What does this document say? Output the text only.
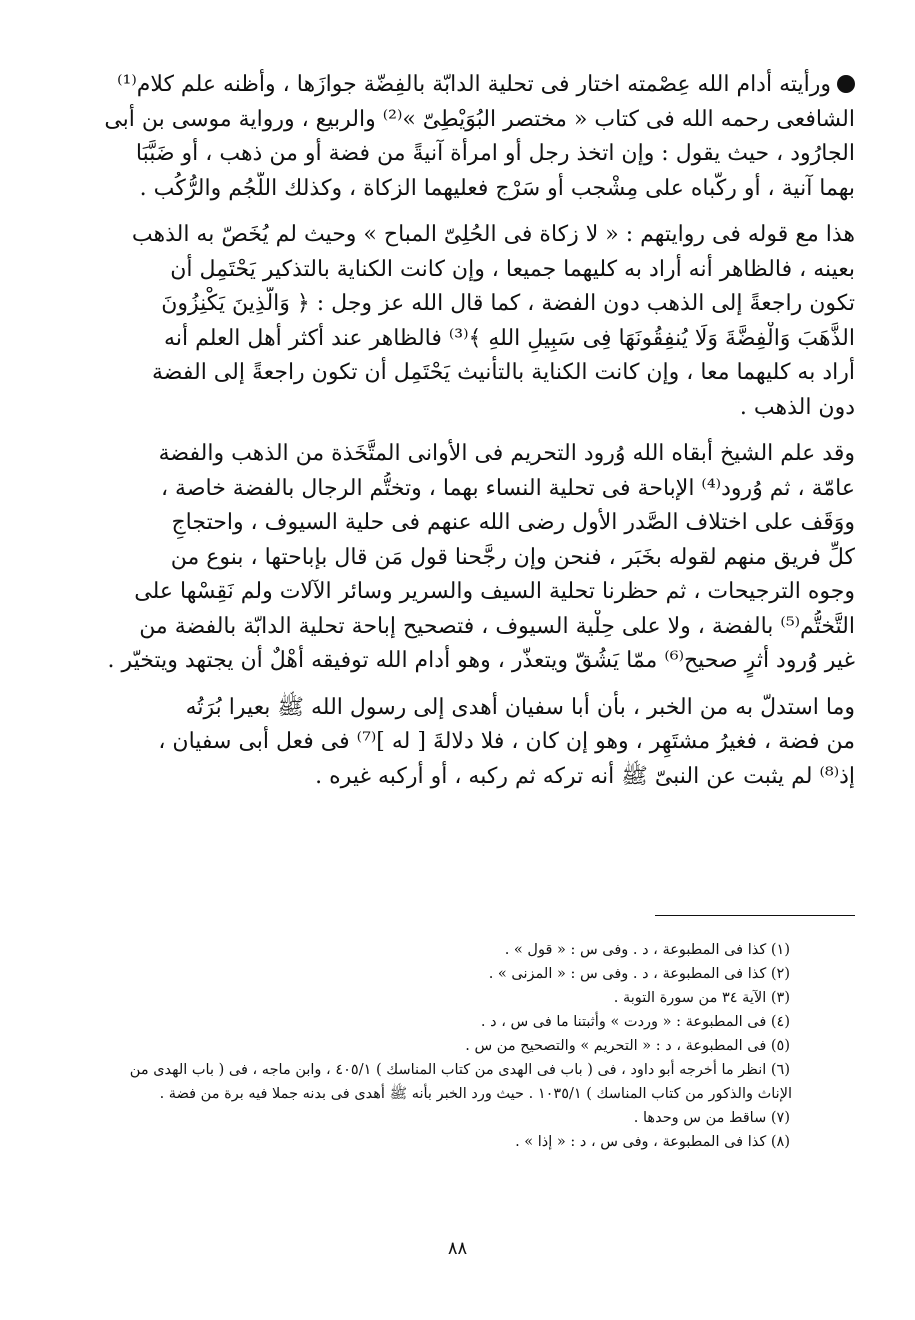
ورأيته أدام الله عِصْمته اختار فى تحلية الدابّة بالفِضّة جوازَها ، وأظنه علم كلام⁽¹⁾
الشافعى رحمه الله فى كتاب « مختصر البُوَيْطِىّ »⁽²⁾ والربيع ، ورواية موسى بن أبى
الجارُود ، حيث يقول : وإن اتخذ رجل أو امرأة آنيةً من فضة أو من ذهب ، أو ضَبَّبَا
بهما آنية ، أو ركَّباه على مِشْجب أو سَرْج فعليهما الزكاة ، وكذلك اللُّجُم والرُّكُب .

هذا مع قوله فى روايتهم : « لا زكاة فى الحُلِىّ المباح » وحيث لم يُخَصّ به الذهب
بعينه ، فالظاهر أنه أراد به كليهما جميعا ، وإن كانت الكناية بالتذكير يَحْتَمِل أن
تكون راجعةً إلى الذهب دون الفضة ، كما قال الله عز وجل : ﴿ وَالَّذِينَ يَكْنِزُونَ
الذَّهَبَ وَالْفِضَّةَ وَلَا يُنفِقُونَهَا فِى سَبِيلِ اللهِ ﴾⁽³⁾ فالظاهر عند أكثر أهل العلم أنه
أراد به كليهما معا ، وإن كانت الكناية بالتأنيث يَحْتَمِل أن تكون راجعةً إلى الفضة
دون الذهب .

وقد علم الشيخ أبقاه الله وُرود التحريم فى الأوانى المتَّخَذة من الذهب والفضة
عامّة ، ثم وُرود⁽⁴⁾ الإباحة فى تحلية النساء بهما ، وتختُّم الرجال بالفضة خاصة ،
ووَقَف على اختلاف الصَّدر الأول رضى الله عنهم فى حلية السيوف ، واحتجاجِ
كلِّ فريق منهم لقوله بخَبَر ، فنحن وإن رجَّحنا قول مَن قال بإباحتها ، بنوع من
وجوه الترجيحات ، ثم حظرنا تحلية السيف والسرير وسائر الآلات ولم نَقِسْها على
التَّختُّم⁽⁵⁾ بالفضة ، ولا على حِلْية السيوف ، فتصحيح إباحة تحلية الدابّة بالفضة من
غير وُرود أثرٍ صحيح⁽⁶⁾ ممّا يَشُقّ ويتعذّر ، وهو أدام الله توفيقه أهْلٌ أن يجتهد ويتخيّر .

وما استدلّ به من الخبر ، بأن أبا سفيان أهدى إلى رسول الله ﷺ بعيرا بُرَتُه
من فضة ، فغيرُ مشتَهِر ، وهو إن كان ، فلا دلالةَ [ له ]⁽⁷⁾ فى فعل أبى سفيان ،
إذ⁽⁸⁾ لم يثبت عن النبىّ ﷺ أنه تركه ثم ركبه ، أو أركبه غيره .

(١) كذا فى المطبوعة ، د . وفى س : « قول » .
(٢) كذا فى المطبوعة ، د . وفى س : « المزنى » .
(٣) الآية ٣٤ من سورة التوبة .
(٤) فى المطبوعة : « وردت » وأثبتنا ما فى س ، د .
(٥) فى المطبوعة ، د : « التحريم » والتصحيح من س .
(٦) انظر ما أخرجه أبو داود ، فى ( باب فى الهدى من كتاب المناسك ) ٤٠٥/١ ، وابن ماجه ، فى ( باب الهدى من
الإناث والذكور من كتاب المناسك ) ١٠٣٥/١ . حيث ورد الخبر بأنه ﷺ أهدى فى بدنه جملا فيه برة من فضة .
(٧) ساقط من س وحدها .
(٨) كذا فى المطبوعة ، وفى س ، د : « إذا » .
٨٨
